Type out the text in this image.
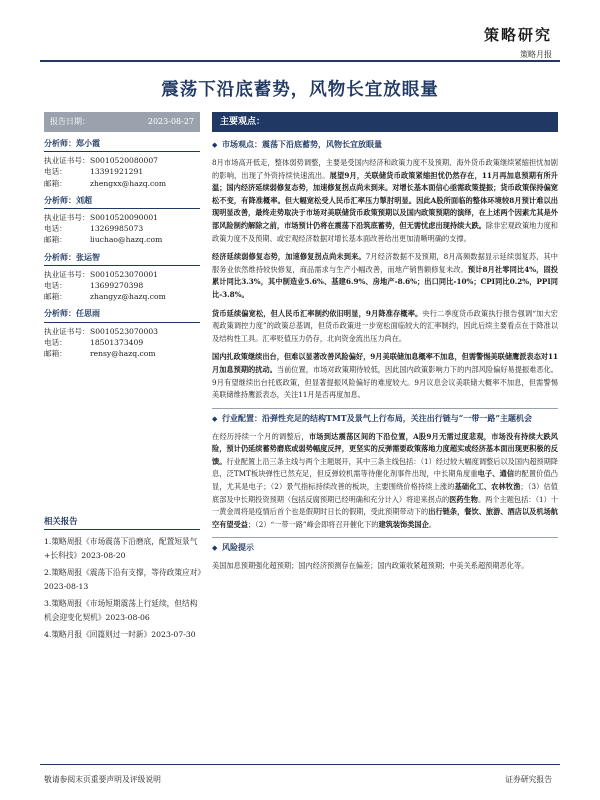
策略研究
策略月报
震荡下沿底蓄势，风物长宜放眼量
报告日期：	2023-08-27
分析师：郑小霞
执业证书号： S0010520080007
电话：	13391921291
邮箱：	zhengxx@hazq.com
分析师：刘超
执业证书号： S0010520090001
电话：	13269985073
邮箱：	liuchao@hazq.com
分析师：张运智
执业证书号： S0010523070001
电话：	13699270398
邮箱：	zhangyz@hazq.com
分析师：任思雨
执业证书号： S0010523070003
电话：	18501373409
邮箱：	rensy@hazq.com
相关报告
1.策略周报《市场震荡下沿磨底，配置短景气+长科技》2023-08-20
2.策略周报《震荡下沿有支撑，等待政策应对》2023-08-13
3.策略周报《市场短期震荡上行延续，但结构机会迎变化契机》2023-08-06
4.策略月报《回篇则过一时新》2023-07-30
主要观点：
◆ 市场观点：震荡下沿底蓄势，风物长宜放眼量

8月市场高开低走，整体弱势调整，主要是受国内经济和政策力度不及预期、海外货币政策继续紧缩担忧加剧的影响，出现了外资持续快速流出。展望9月，关联储货币政策紧缩担忧仍然存在，11月再加息预期有所升温；国内经济延续弱修复态势，加速修复拐点尚未到来。对增长基本面信心亟需政策提振；货币政策保持偏宽松不变，有降准概率。但大幅宽松受人民币汇率压力掣肘明显。因此A股所面临的整体环境较8月预计难以出现明显改善，最终走势取决于市场对美联储货币政策预期以及国内政策预期的演绎，在上述两个因素尤其是外部风险制约解除之前，市场预计仍将在震荡下沿筑底蓄势，但无需忧虑出现持续大跌。除非宏观政策地力度和政策力度不及预期、或宏观经济数据对增长基本面改善给出更加清晰明确的支撑。

经济延续弱修复态势，加速修复拐点尚未到来。7月经济数据不及预期，8月高频数据显示延续弱复苏，其中服务业依然维持较快修复，商品需求与生产小幅改善，而地产销售额修复未改。预计8月社零同比4%，固投累计同比3.3%，其中制造业5.6%、基建6.9%、房地产-8.6%；出口同比-10%；CPI同比0.2%，PPI同比-3.8%。

货币延续偏宽松，但人民币汇率制约依旧明显，9月降准存概率。央行二季度货币政策执行报告强调“加大宏观政策调控力度”的政策总基调，但货币政策进一步宽松面临较大的汇率制约，因此后续主要看点在于降准以及结构性工具。汇率贬值压力仍存，北向资金流出压力尚在。

国内扎政策继续出台，但难以显著改善风险偏好，9月美联储加息概率不加息，但需警惕美联储鹰派表态对11月加息预期的扰动。当前位置，市场对政策期待较低，因此国内政策影响力下的内部风险偏好易提振难恶化。9月有望继续出台托底政策，但显著提振风险偏好的难度较大。9月议息会议美联储大概率不加息，但需警惕美联储维持鹰派表态，关注11月是否再度加息。

◆ 行业配置：沿弹性充足的结构TMT及景气上行布局，关注出行链与“一带一路”主题机会

在经历持续一个月的调整后，市场到达震荡区间的下沿位置，A股9月无需过度悲观，市场没有持续大跌风险，预计仍延续蓄势磨底或弱势幅度反抨，更坚实的反弹需要政策落地力度超实或经济基本面出现更积极的反馈。行业配置上沿三条主线与两个主题展开，其中三条主线包括：（1）经过较大幅度调整后以及国内超预期降息，泛TMT板块弹性已然充足，但反弹较机需等待催化剂事件出现，中长期角度重电子、通信的配置价值凸显，尤其是电子；（2）景气指标持续改善的板块，主要围绕价格持续上涨的基础化工、农林牧渔；（3）估值底部及中长期投资预期（包括反腐预期已经明确和充分计入）将迎来拐点的医药生物。两个主题包括：（1）十一黄金周将是疫情后首个也是假期时日长的假期，受此预期带动下的出行链条，餐饮、旅游、酒店以及机场航空有望受益；（2）“一带一路”峰会即将召开催化下的建筑装饰类国企。

◆ 风险提示

美国加息预期强化超预期；国内经济预测存在偏差；国内政策收紧超预期；中美关系超预期恶化等。

敬请参阅末页重要声明及评级说明	证券研究报告
